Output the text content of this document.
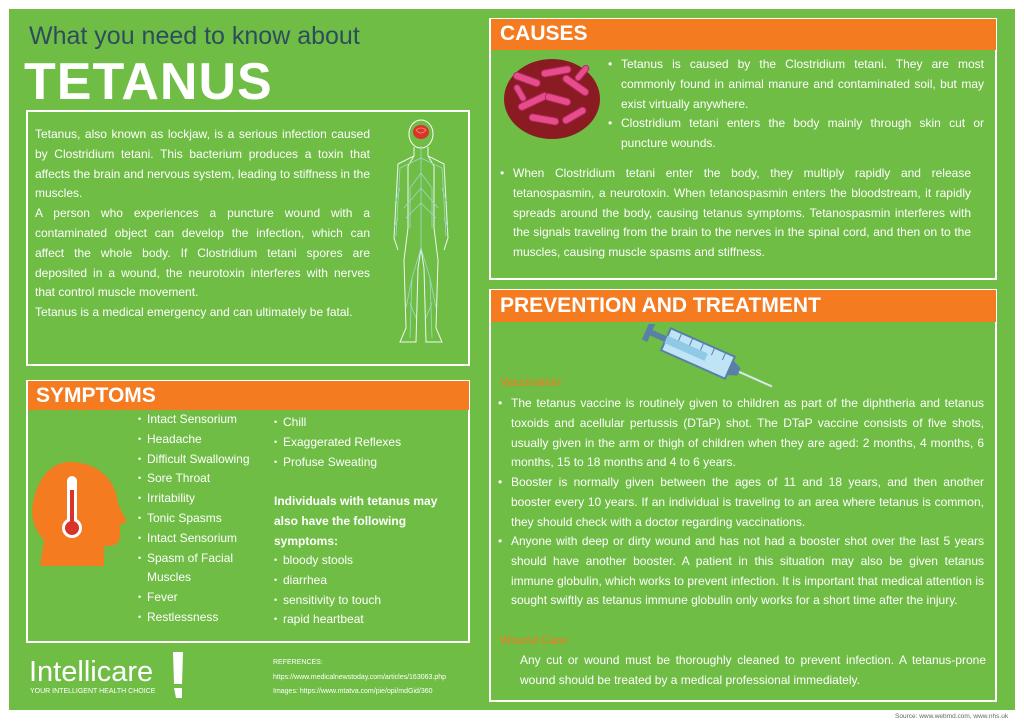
What you need to know about
TETANUS
Tetanus, also known as lockjaw, is a serious infection caused by Clostridium tetani. This bacterium produces a toxin that affects the brain and nervous system, leading to stiffness in the muscles.
A person who experiences a puncture wound with a contaminated object can develop the infection, which can affect the whole body. If Clostridium tetani spores are deposited in a wound, the neurotoxin interferes with nerves that control muscle movement.
Tetanus is a medical emergency and can ultimately be fatal.
SYMPTOMS
• Intact Sensorium
• Headache
• Difficult Swallowing
• Sore Throat
• Irritability
• Tonic Spasms
• Intact Sensorium
• Spasm of Facial Muscles
• Fever
• Restlessness
• Chill
• Exaggerated Reflexes
• Profuse Sweating
Individuals with tetanus may also have the following symptoms:
• bloody stools
• diarrhea
• sensitivity to touch
• rapid heartbeat
Intellicare
YOUR INTELLIGENT HEALTH CHOICE
REFERENCES:
https://www.medicalnewstoday.com/articles/163063.php
Images: https://www.mtatva.com/pie/opi/mdGid/360
CAUSES
• Tetanus is caused by the Clostridium tetani. They are most commonly found in animal manure and contaminated soil, but may exist virtually anywhere.
• Clostridium tetani enters the body mainly through skin cut or puncture wounds.
• When Clostridium tetani enter the body, they multiply rapidly and release tetanospasmin, a neurotoxin. When tetanospasmin enters the bloodstream, it rapidly spreads around the body, causing tetanus symptoms. Tetanospasmin interferes with the signals traveling from the brain to the nerves in the spinal cord, and then on to the muscles, causing muscle spasms and stiffness.
PREVENTION AND TREATMENT
Vaccination
• The tetanus vaccine is routinely given to children as part of the diphtheria and tetanus toxoids and acellular pertussis (DTaP) shot. The DTaP vaccine consists of five shots, usually given in the arm or thigh of children when they are aged: 2 months, 4 months, 6 months, 15 to 18 months and 4 to 6 years.
• Booster is normally given between the ages of 11 and 18 years, and then another booster every 10 years. If an individual is traveling to an area where tetanus is common, they should check with a doctor regarding vaccinations.
• Anyone with deep or dirty wound and has not had a booster shot over the last 5 years should have another booster. A patient in this situation may also be given tetanus immune globulin, which works to prevent infection. It is important that medical attention is sought swiftly as tetanus immune globulin only works for a short time after the injury.
Wound Care
Any cut or wound must be thoroughly cleaned to prevent infection. A tetanus-prone wound should be treated by a medical professional immediately.
Source: www.webmd.com, www.nhs.uk
